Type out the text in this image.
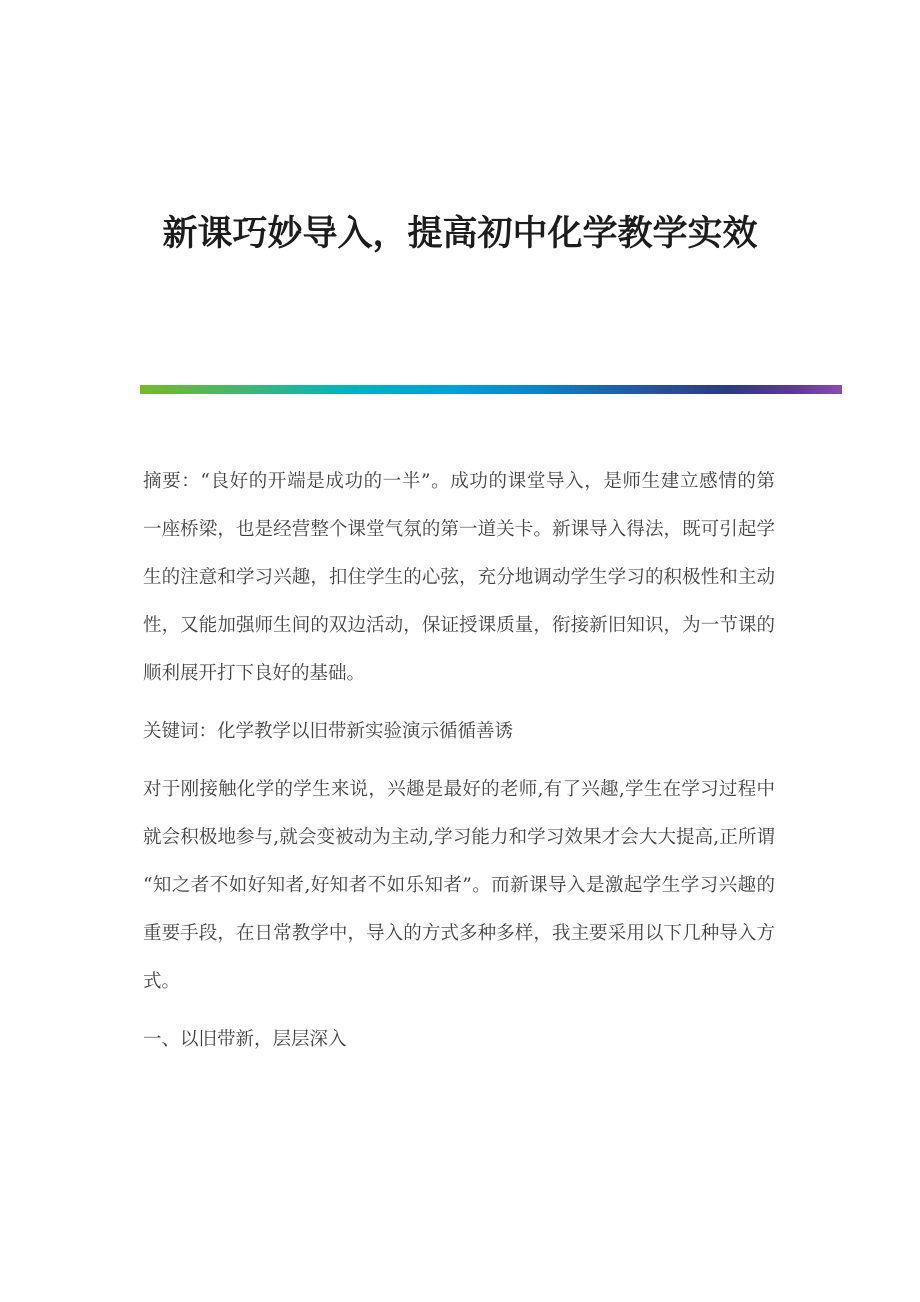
新课巧妙导入，提高初中化学教学实效
摘要：“良好的开端是成功的一半”。成功的课堂导入，是师生建立感情的第
一座桥梁，也是经营整个课堂气氛的第一道关卡。新课导入得法，既可引起学
生的注意和学习兴趣，扣住学生的心弦，充分地调动学生学习的积极性和主动
性，又能加强师生间的双边活动，保证授课质量，衔接新旧知识，为一节课的
顺利展开打下良好的基础。
关键词：化学教学以旧带新实验演示循循善诱
对于刚接触化学的学生来说，兴趣是最好的老师,有了兴趣,学生在学习过程中
就会积极地参与,就会变被动为主动,学习能力和学习效果才会大大提高,正所谓
“知之者不如好知者,好知者不如乐知者”。而新课导入是激起学生学习兴趣的
重要手段，在日常教学中，导入的方式多种多样，我主要采用以下几种导入方
式。
一、以旧带新，层层深入
